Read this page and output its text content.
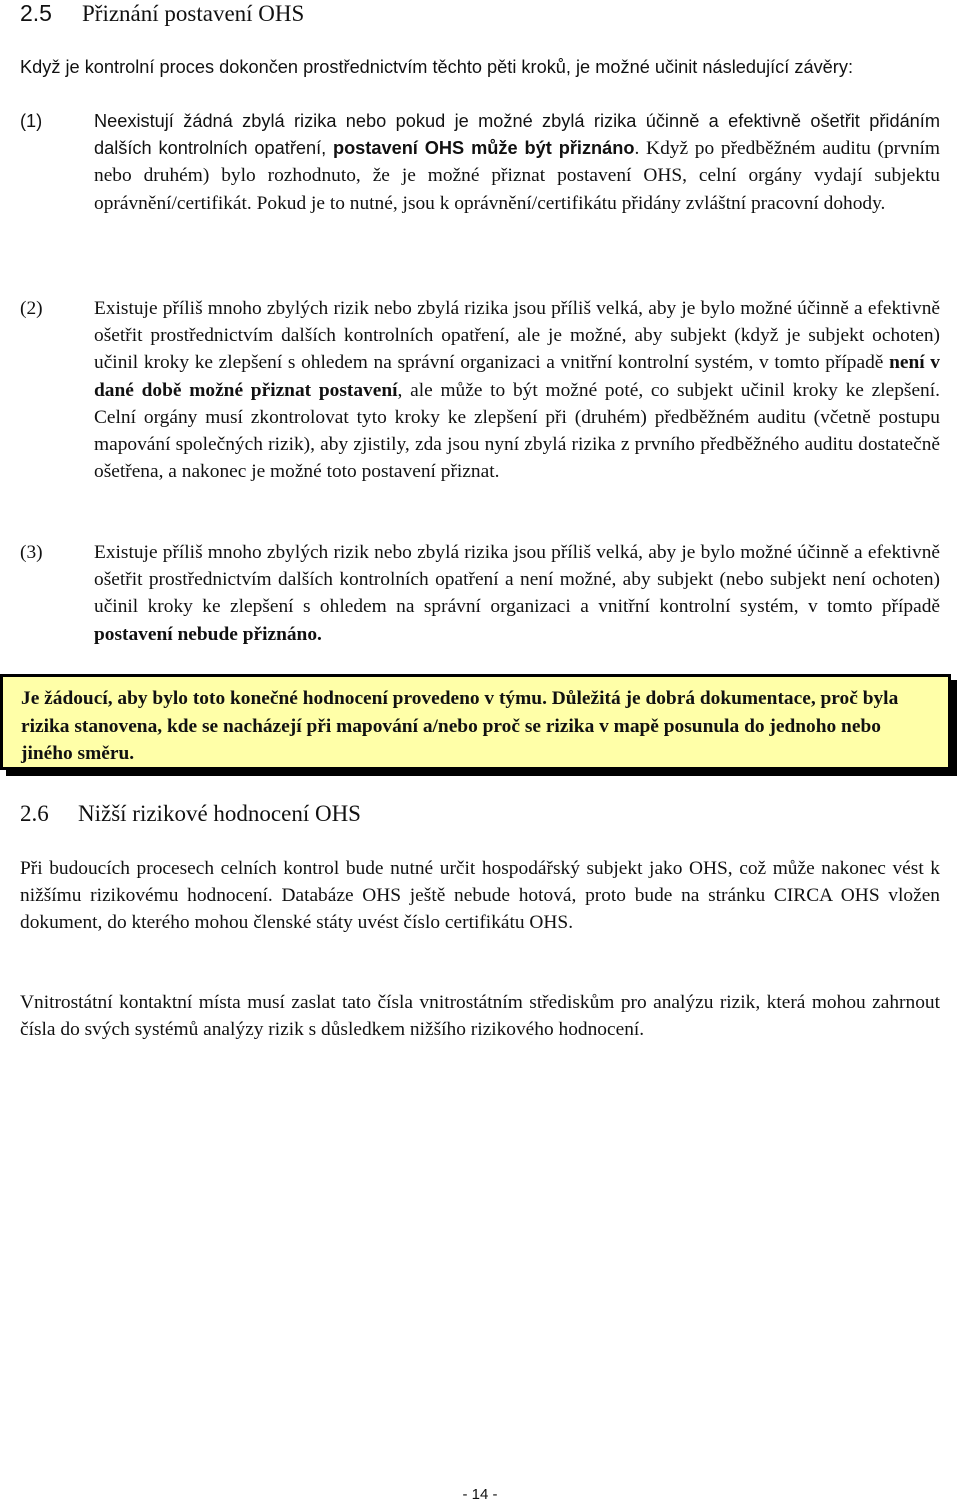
2.5 Přiznání postavení OHS

Když je kontrolní proces dokončen prostřednictvím těchto pěti kroků, je možné učinit následující závěry:

(1)	Neexistují žádná zbylá rizika nebo pokud je možné zbylá rizika účinně a efektivně ošetřit přidáním dalších kontrolních opatření, postavení OHS může být přiznáno. Když po předběžném auditu (prvním nebo druhém) bylo rozhodnuto, že je možné přiznat postavení OHS, celní orgány vydají subjektu oprávnění/certifikát. Pokud je to nutné, jsou k oprávnění/certifikátu přidány zvláštní pracovní dohody.
(2)	Existuje příliš mnoho zbylých rizik nebo zbylá rizika jsou příliš velká, aby je bylo možné účinně a efektivně ošetřit prostřednictvím dalších kontrolních opatření, ale je možné, aby subjekt (když je subjekt ochoten) učinil kroky ke zlepšení s ohledem na správní organizaci a vnitřní kontrolní systém, v tomto případě není v dané době možné přiznat postavení, ale může to být možné poté, co subjekt učinil kroky ke zlepšení. Celní orgány musí zkontrolovat tyto kroky ke zlepšení při (druhém) předběžném auditu (včetně postupu mapování společných rizik), aby zjistily, zda jsou nyní zbylá rizika z prvního předběžného auditu dostatečně ošetřena, a nakonec je možné toto postavení přiznat.
(3)	Existuje příliš mnoho zbylých rizik nebo zbylá rizika jsou příliš velká, aby je bylo možné účinně a efektivně ošetřit prostřednictvím dalších kontrolních opatření a není možné, aby subjekt (nebo subjekt není ochoten) učinil kroky ke zlepšení s ohledem na správní organizaci a vnitřní kontrolní systém, v tomto případě postavení nebude přiznáno.
Je žádoucí, aby bylo toto konečné hodnocení provedeno v týmu. Důležitá je dobrá dokumentace, proč byla rizika stanovena, kde se nacházejí při mapování a/nebo proč se rizika v mapě posunula do jednoho nebo jiného směru.
2.6 Nižší rizikové hodnocení OHS

Při budoucích procesech celních kontrol bude nutné určit hospodářský subjekt jako OHS, což může nakonec vést k nižšímu rizikovému hodnocení. Databáze OHS ještě nebude hotová, proto bude na stránku CIRCA OHS vložen dokument, do kterého mohou členské státy uvést číslo certifikátu OHS.

Vnitrostátní kontaktní místa musí zaslat tato čísla vnitrostátním střediskům pro analýzu rizik, která mohou zahrnout čísla do svých systémů analýzy rizik s důsledkem nižšího rizikového hodnocení.

- 14 -
